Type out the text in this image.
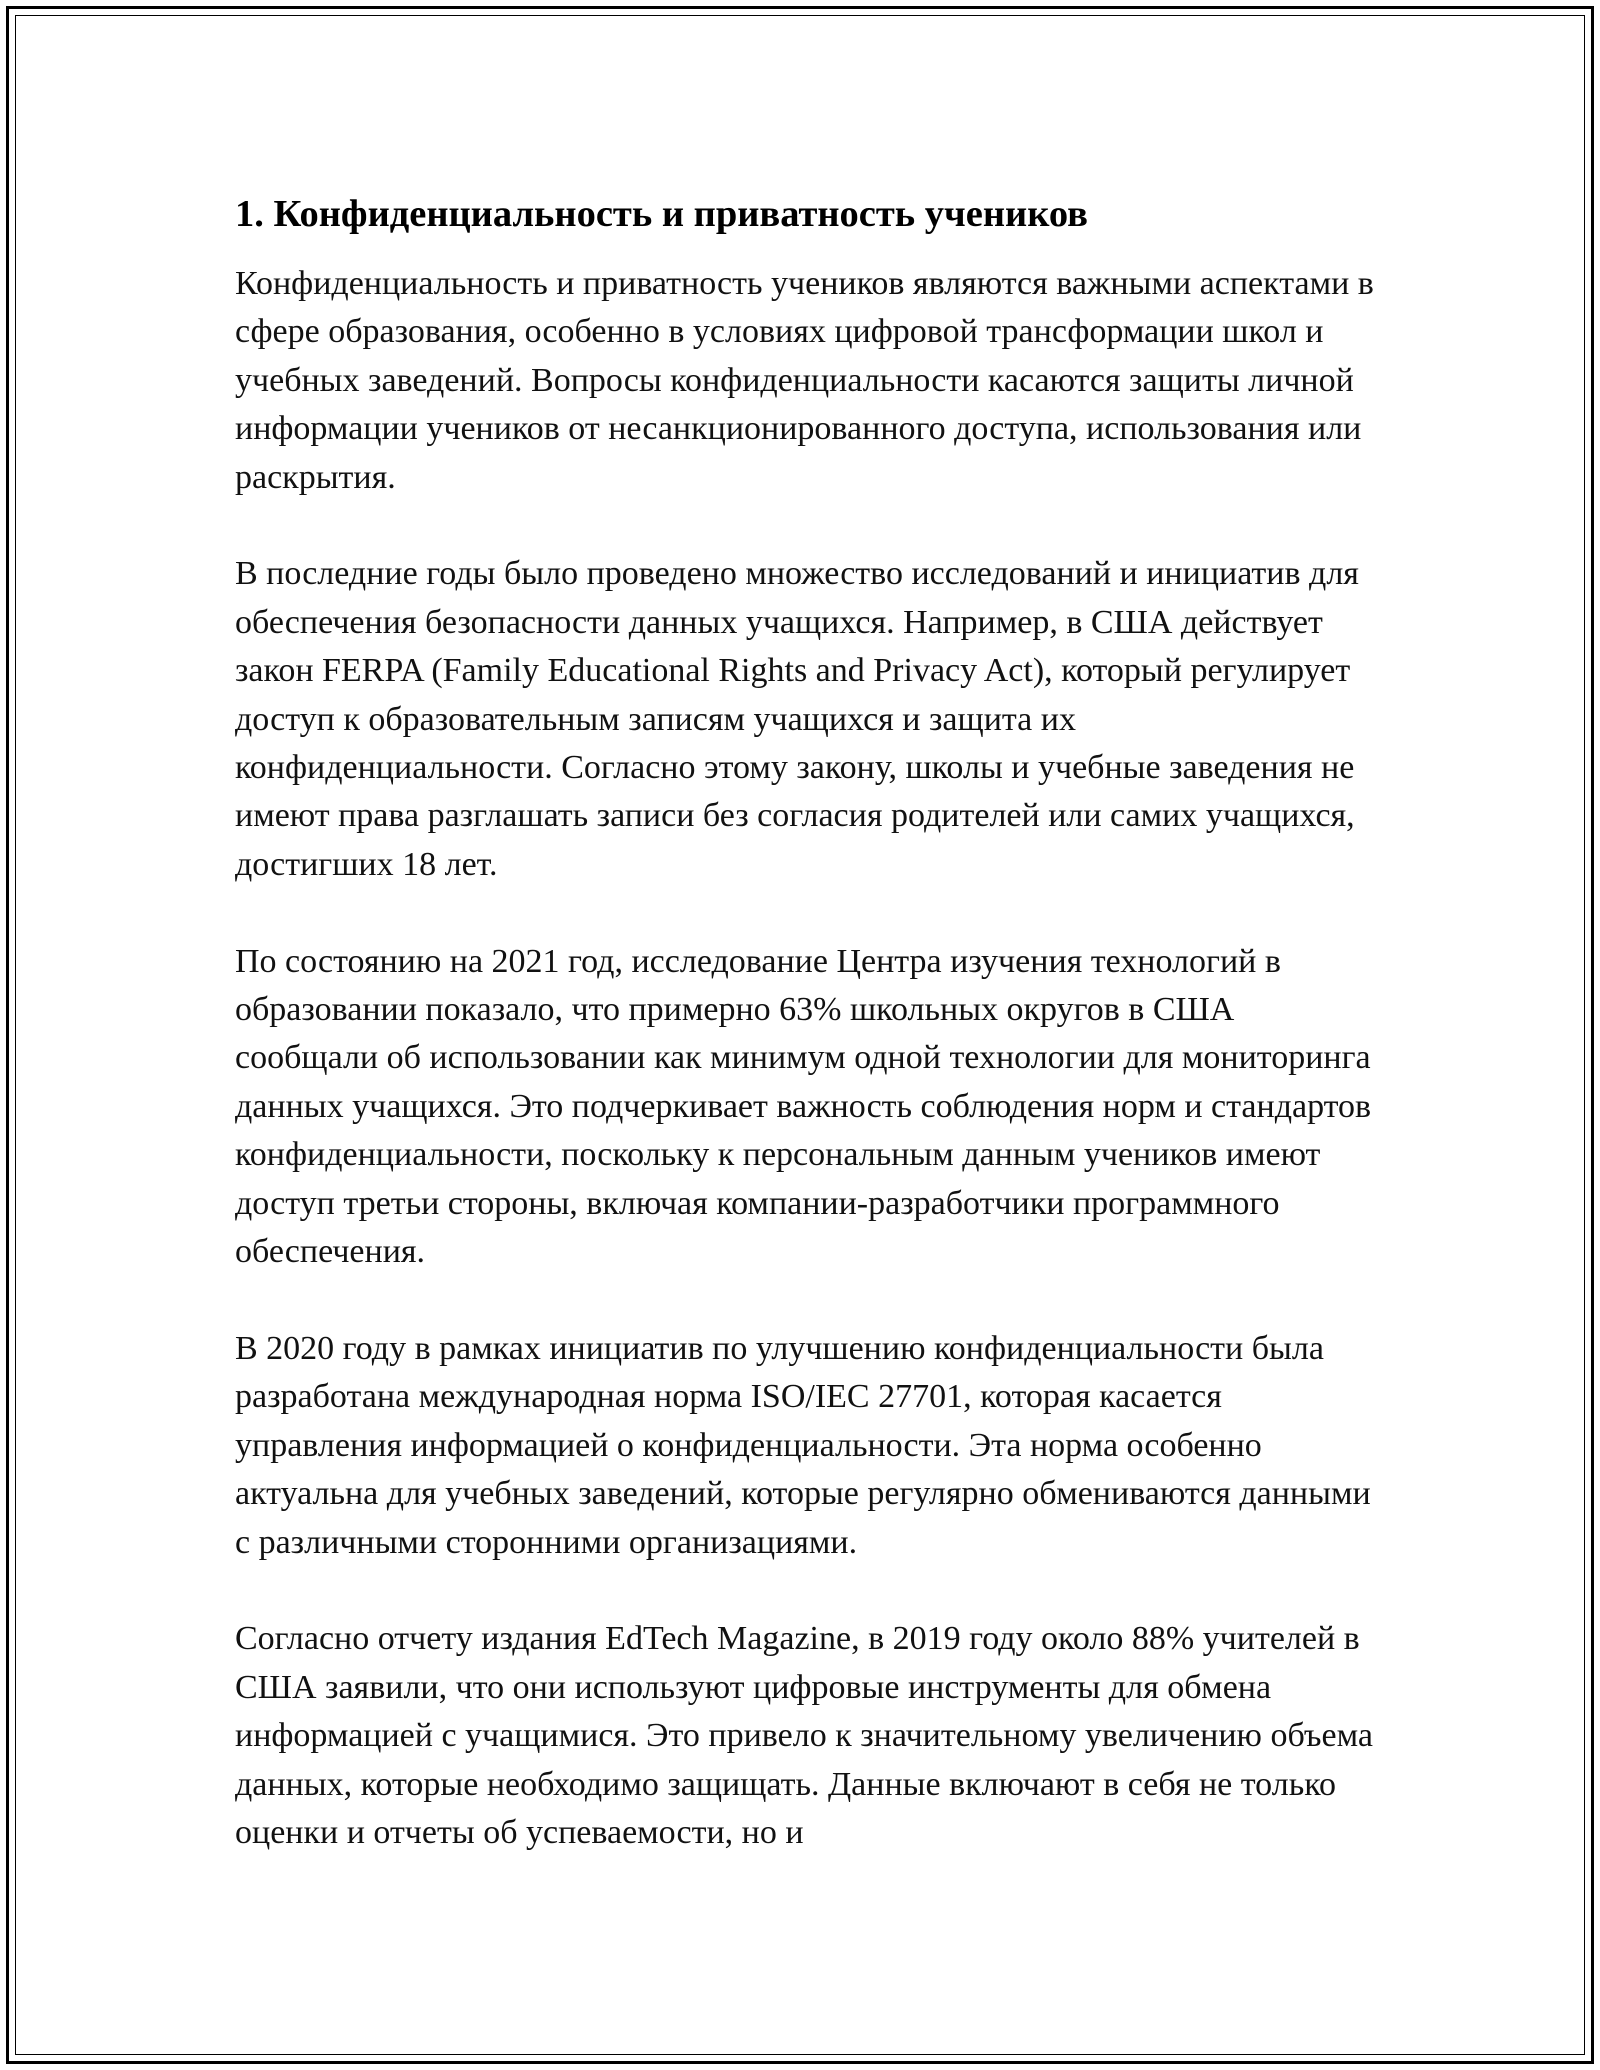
1. Конфиденциальность и приватность учеников

Конфиденциальность и приватность учеников являются важными аспектами в сфере образования, особенно в условиях цифровой трансформации школ и учебных заведений. Вопросы конфиденциальности касаются защиты личной информации учеников от несанкционированного доступа, использования или раскрытия.

В последние годы было проведено множество исследований и инициатив для обеспечения безопасности данных учащихся. Например, в США действует закон FERPA (Family Educational Rights and Privacy Act), который регулирует доступ к образовательным записям учащихся и защита их конфиденциальности. Согласно этому закону, школы и учебные заведения не имеют права разглашать записи без согласия родителей или самих учащихся, достигших 18 лет.

По состоянию на 2021 год, исследование Центра изучения технологий в образовании показало, что примерно 63% школьных округов в США сообщали об использовании как минимум одной технологии для мониторинга данных учащихся. Это подчеркивает важность соблюдения норм и стандартов конфиденциальности, поскольку к персональным данным учеников имеют доступ третьи стороны, включая компании-разработчики программного обеспечения.

В 2020 году в рамках инициатив по улучшению конфиденциальности была разработана международная норма ISO/IEC 27701, которая касается управления информацией о конфиденциальности. Эта норма особенно актуальна для учебных заведений, которые регулярно обмениваются данными с различными сторонними организациями.

Согласно отчету издания EdTech Magazine, в 2019 году около 88% учителей в США заявили, что они используют цифровые инструменты для обмена информацией с учащимися. Это привело к значительному увеличению объема данных, которые необходимо защищать. Данные включают в себя не только оценки и отчеты об успеваемости, но и
